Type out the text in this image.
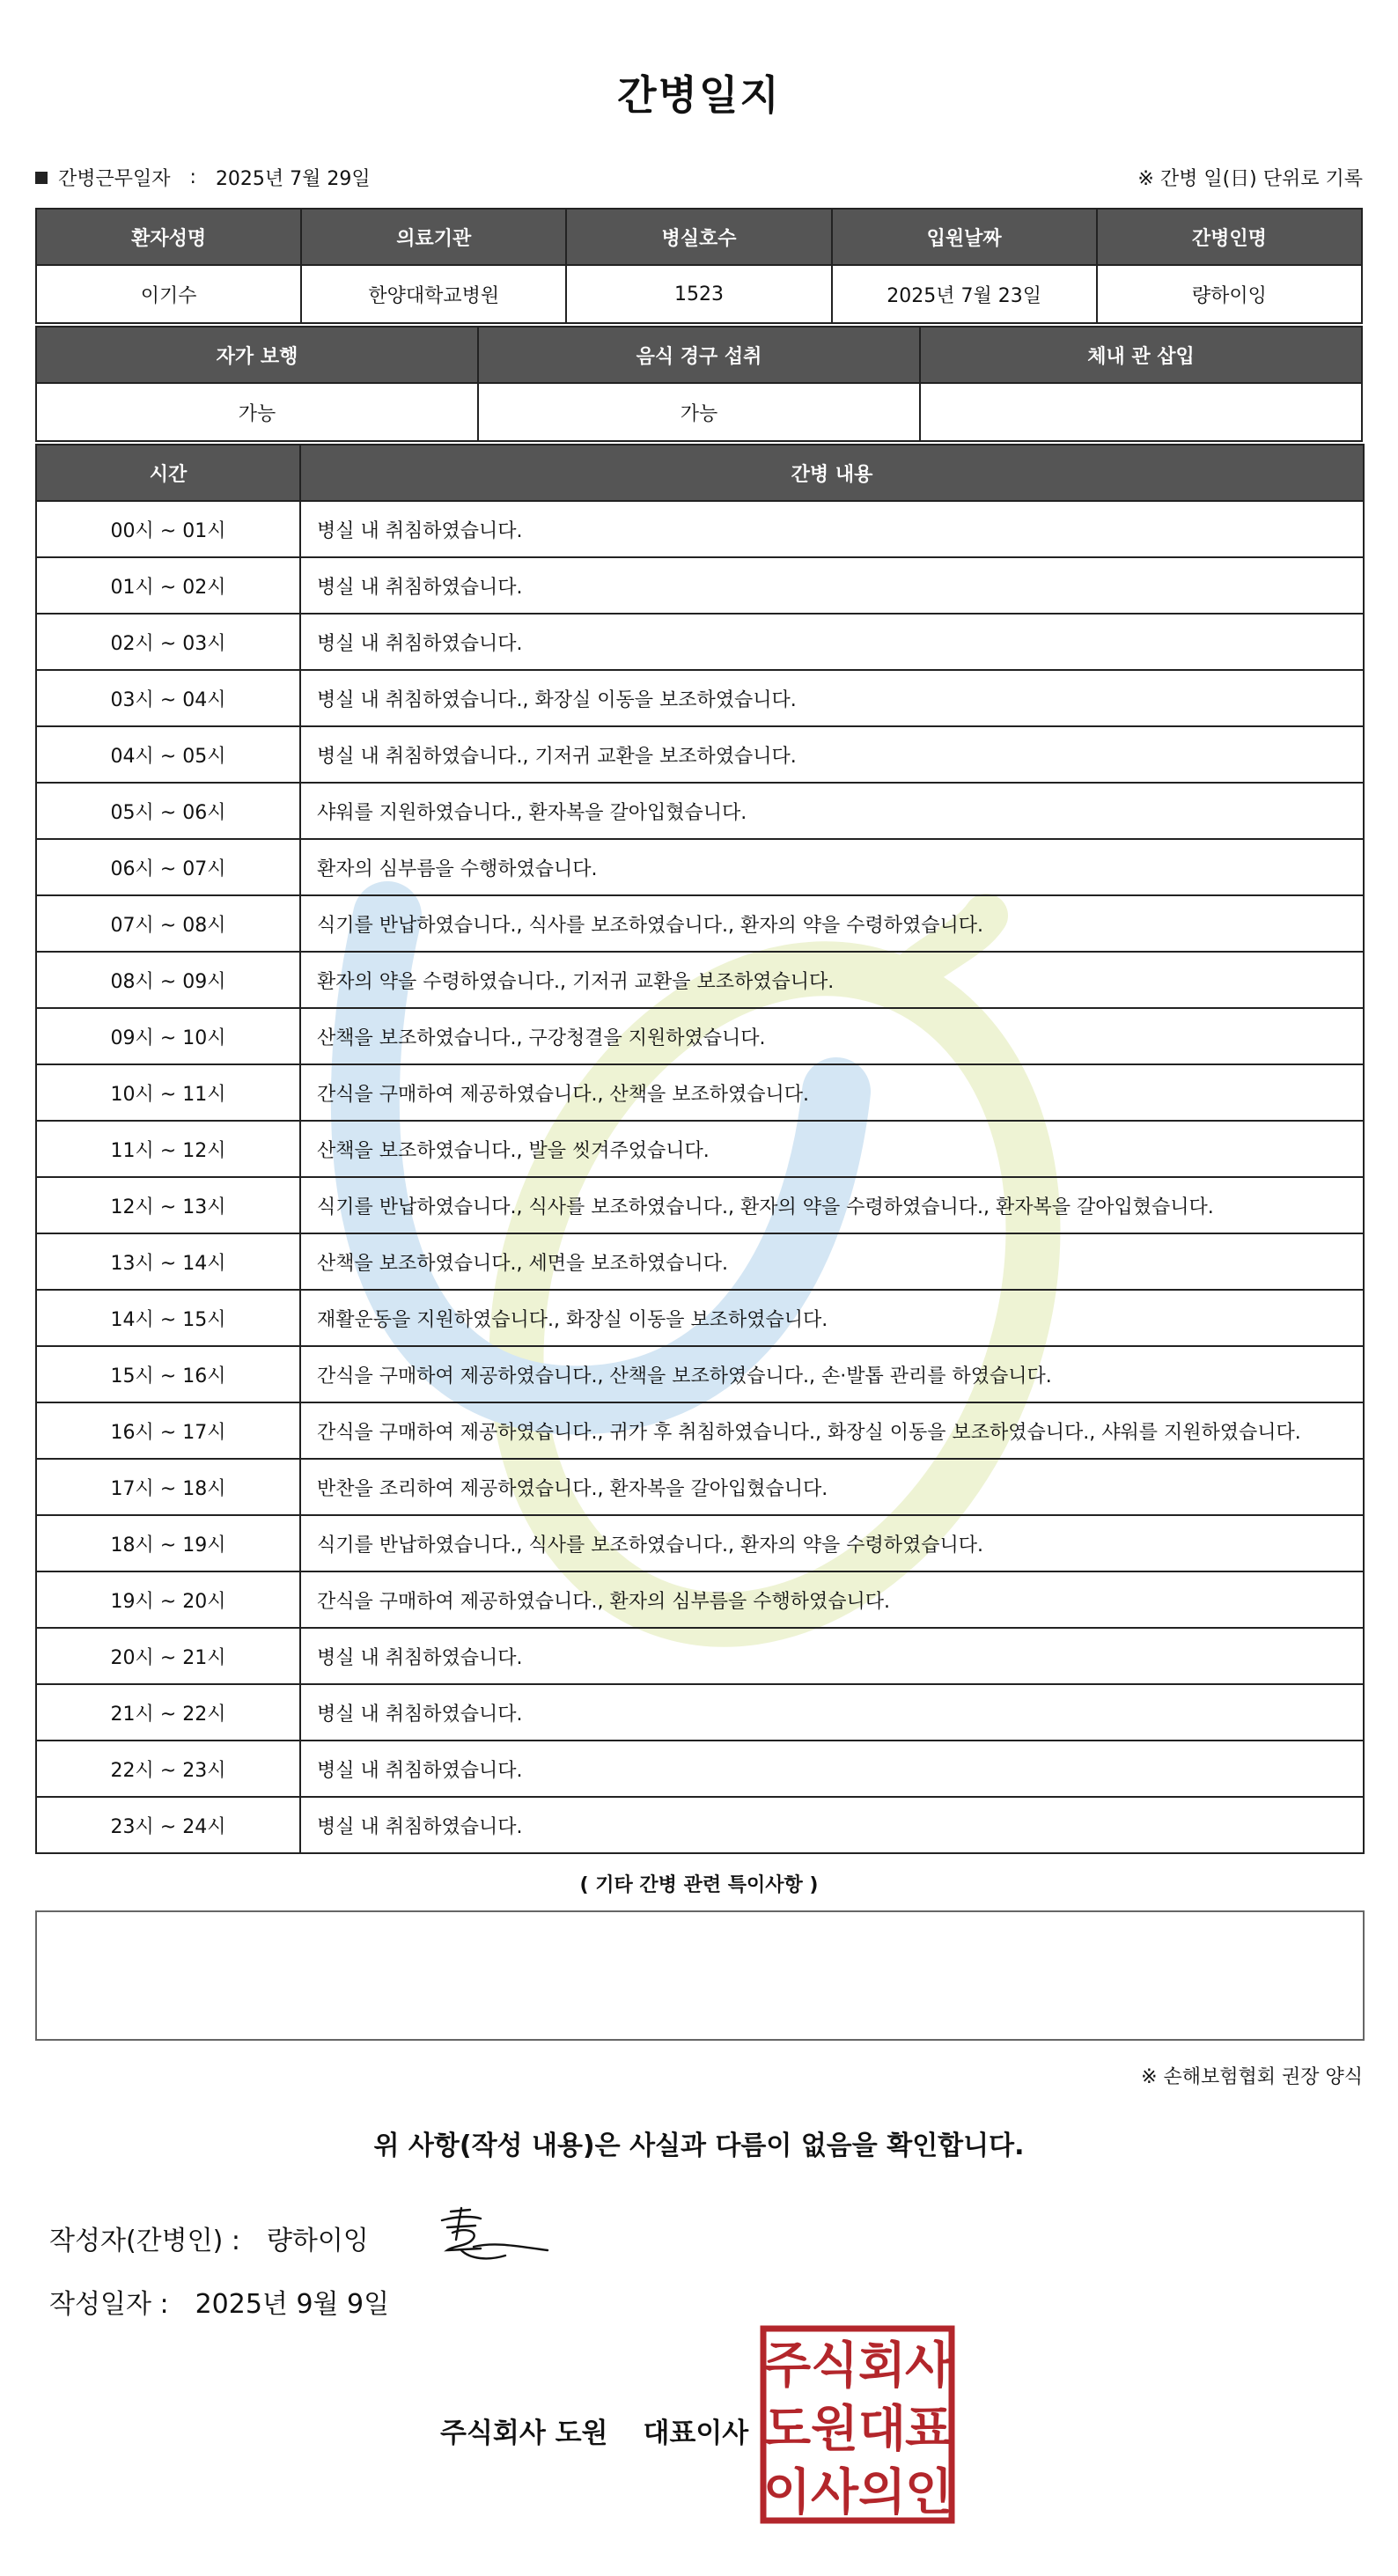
간병일지
간병근무일자 : 2025년 7월 29일	※ 간병 일(日) 단위로 기록
환자성명	의료기관	병실호수	입원날짜	간병인명
이기수	한양대학교병원	1523	2025년 7월 23일	량하이잉
자가 보행	음식 경구 섭취	체내 관 삽입
가능	가능	
시간	간병 내용
00시 ~ 01시	병실 내 취침하였습니다.
01시 ~ 02시	병실 내 취침하였습니다.
02시 ~ 03시	병실 내 취침하였습니다.
03시 ~ 04시	병실 내 취침하였습니다., 화장실 이동을 보조하였습니다.
04시 ~ 05시	병실 내 취침하였습니다., 기저귀 교환을 보조하였습니다.
05시 ~ 06시	샤워를 지원하였습니다., 환자복을 갈아입혔습니다.
06시 ~ 07시	환자의 심부름을 수행하였습니다.
07시 ~ 08시	식기를 반납하였습니다., 식사를 보조하였습니다., 환자의 약을 수령하였습니다.
08시 ~ 09시	환자의 약을 수령하였습니다., 기저귀 교환을 보조하였습니다.
09시 ~ 10시	산책을 보조하였습니다., 구강청결을 지원하였습니다.
10시 ~ 11시	간식을 구매하여 제공하였습니다., 산책을 보조하였습니다.
11시 ~ 12시	산책을 보조하였습니다., 발을 씻겨주었습니다.
12시 ~ 13시	식기를 반납하였습니다., 식사를 보조하였습니다., 환자의 약을 수령하였습니다., 환자복을 갈아입혔습니다.
13시 ~ 14시	산책을 보조하였습니다., 세면을 보조하였습니다.
14시 ~ 15시	재활운동을 지원하였습니다., 화장실 이동을 보조하였습니다.
15시 ~ 16시	간식을 구매하여 제공하였습니다., 산책을 보조하였습니다., 손·발톱 관리를 하였습니다.
16시 ~ 17시	간식을 구매하여 제공하였습니다., 귀가 후 취침하였습니다., 화장실 이동을 보조하였습니다., 샤워를 지원하였습니다.
17시 ~ 18시	반찬을 조리하여 제공하였습니다., 환자복을 갈아입혔습니다.
18시 ~ 19시	식기를 반납하였습니다., 식사를 보조하였습니다., 환자의 약을 수령하였습니다.
19시 ~ 20시	간식을 구매하여 제공하였습니다., 환자의 심부름을 수행하였습니다.
20시 ~ 21시	병실 내 취침하였습니다.
21시 ~ 22시	병실 내 취침하였습니다.
22시 ~ 23시	병실 내 취침하였습니다.
23시 ~ 24시	병실 내 취침하였습니다.
( 기타 간병 관련 특이사항 )
※ 손해보험협회 권장 양식
위 사항(작성 내용)은 사실과 다름이 없음을 확인합니다.
작성자(간병인) : 량하이잉
작성일자 : 2025년 9월 9일
주식회사 도원 대표이사
주 식 회
사
도 원 대
표
이 사 의
인
